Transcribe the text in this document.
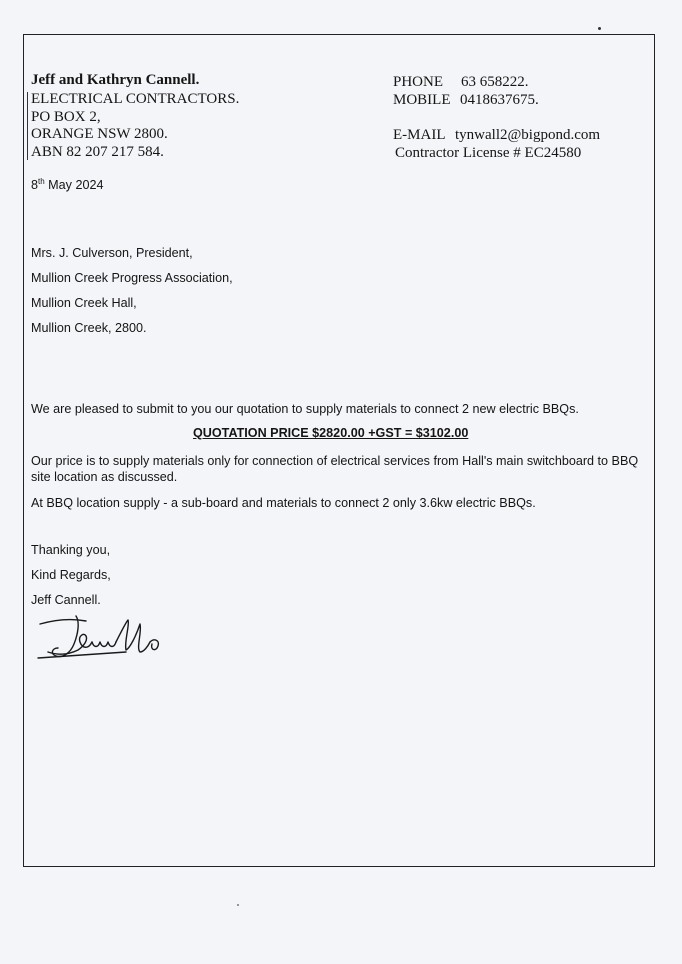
Jeff and Kathryn Cannell.
ELECTRICAL CONTRACTORS.
PO BOX 2,
ORANGE NSW 2800.
ABN 82 207 217 584.
PHONE 63 658222.
MOBILE 0418637675.
E-MAIL tynwall2@bigpond.com
Contractor License # EC24580
8th May 2024
Mrs. J. Culverson, President,
Mullion Creek Progress Association,
Mullion Creek Hall,
Mullion Creek, 2800.
We are pleased to submit to you our quotation to supply materials to connect 2 new electric BBQs.
QUOTATION PRICE $2820.00 +GST = $3102.00
Our price is to supply materials only for connection of electrical services from Hall's main switchboard to BBQ site location as discussed.
At BBQ location supply - a sub-board and materials to connect 2 only 3.6kw electric BBQs.
Thanking you,
Kind Regards,
Jeff Cannell.
